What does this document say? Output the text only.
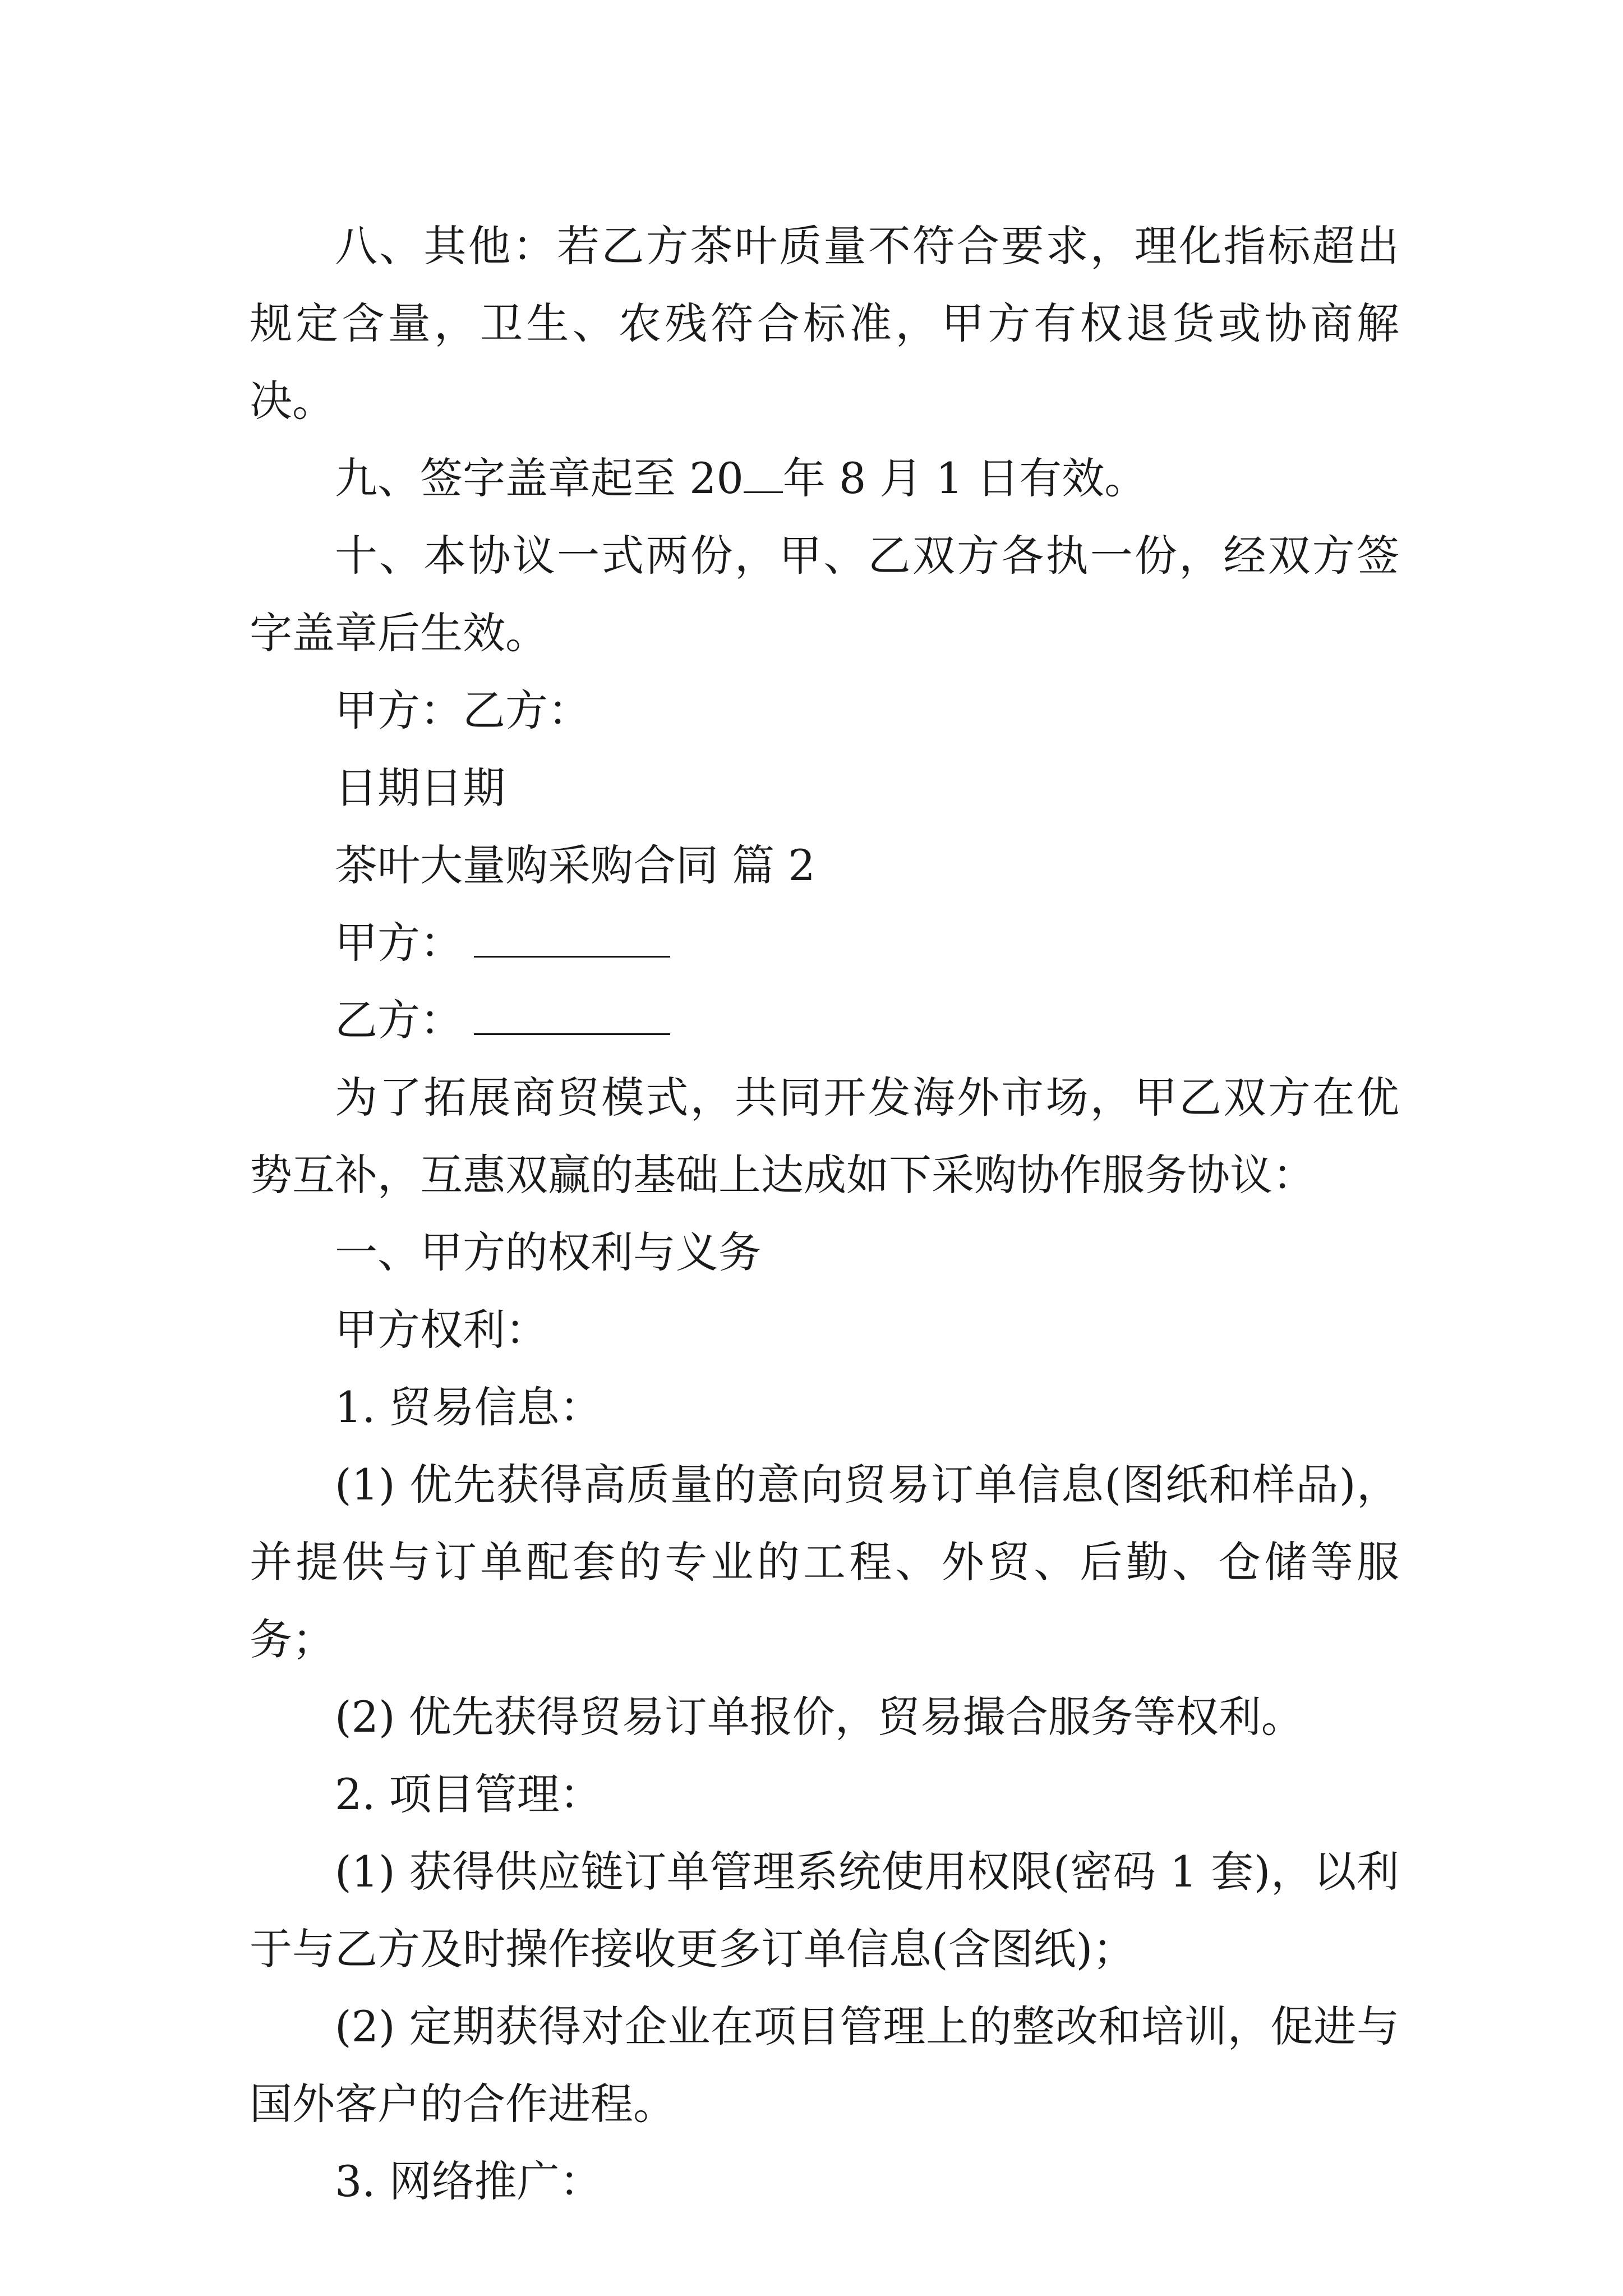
八、其他：若乙方茶叶质量不符合要求，理化指标超出规定含量，卫生、农残符合标准，甲方有权退货或协商解决。

九、签字盖章起至 20 年 8 月 1 日有效。

十、本协议一式两份，甲、乙双方各执一份，经双方签字盖章后生效。

甲方：乙方：

日期日期

茶叶大量购采购合同 篇 2

甲方：

乙方：

为了拓展商贸模式，共同开发海外市场，甲乙双方在优势互补，互惠双赢的基础上达成如下采购协作服务协议：

一、甲方的权利与义务

甲方权利：

1. 贸易信息：

(1) 优先获得高质量的意向贸易订单信息(图纸和样品)，并提供与订单配套的专业的工程、外贸、后勤、仓储等服务；

(2) 优先获得贸易订单报价，贸易撮合服务等权利。

2. 项目管理：

(1) 获得供应链订单管理系统使用权限(密码 1 套)，以利于与乙方及时操作接收更多订单信息(含图纸)；

(2) 定期获得对企业在项目管理上的整改和培训，促进与国外客户的合作进程。

3. 网络推广：
